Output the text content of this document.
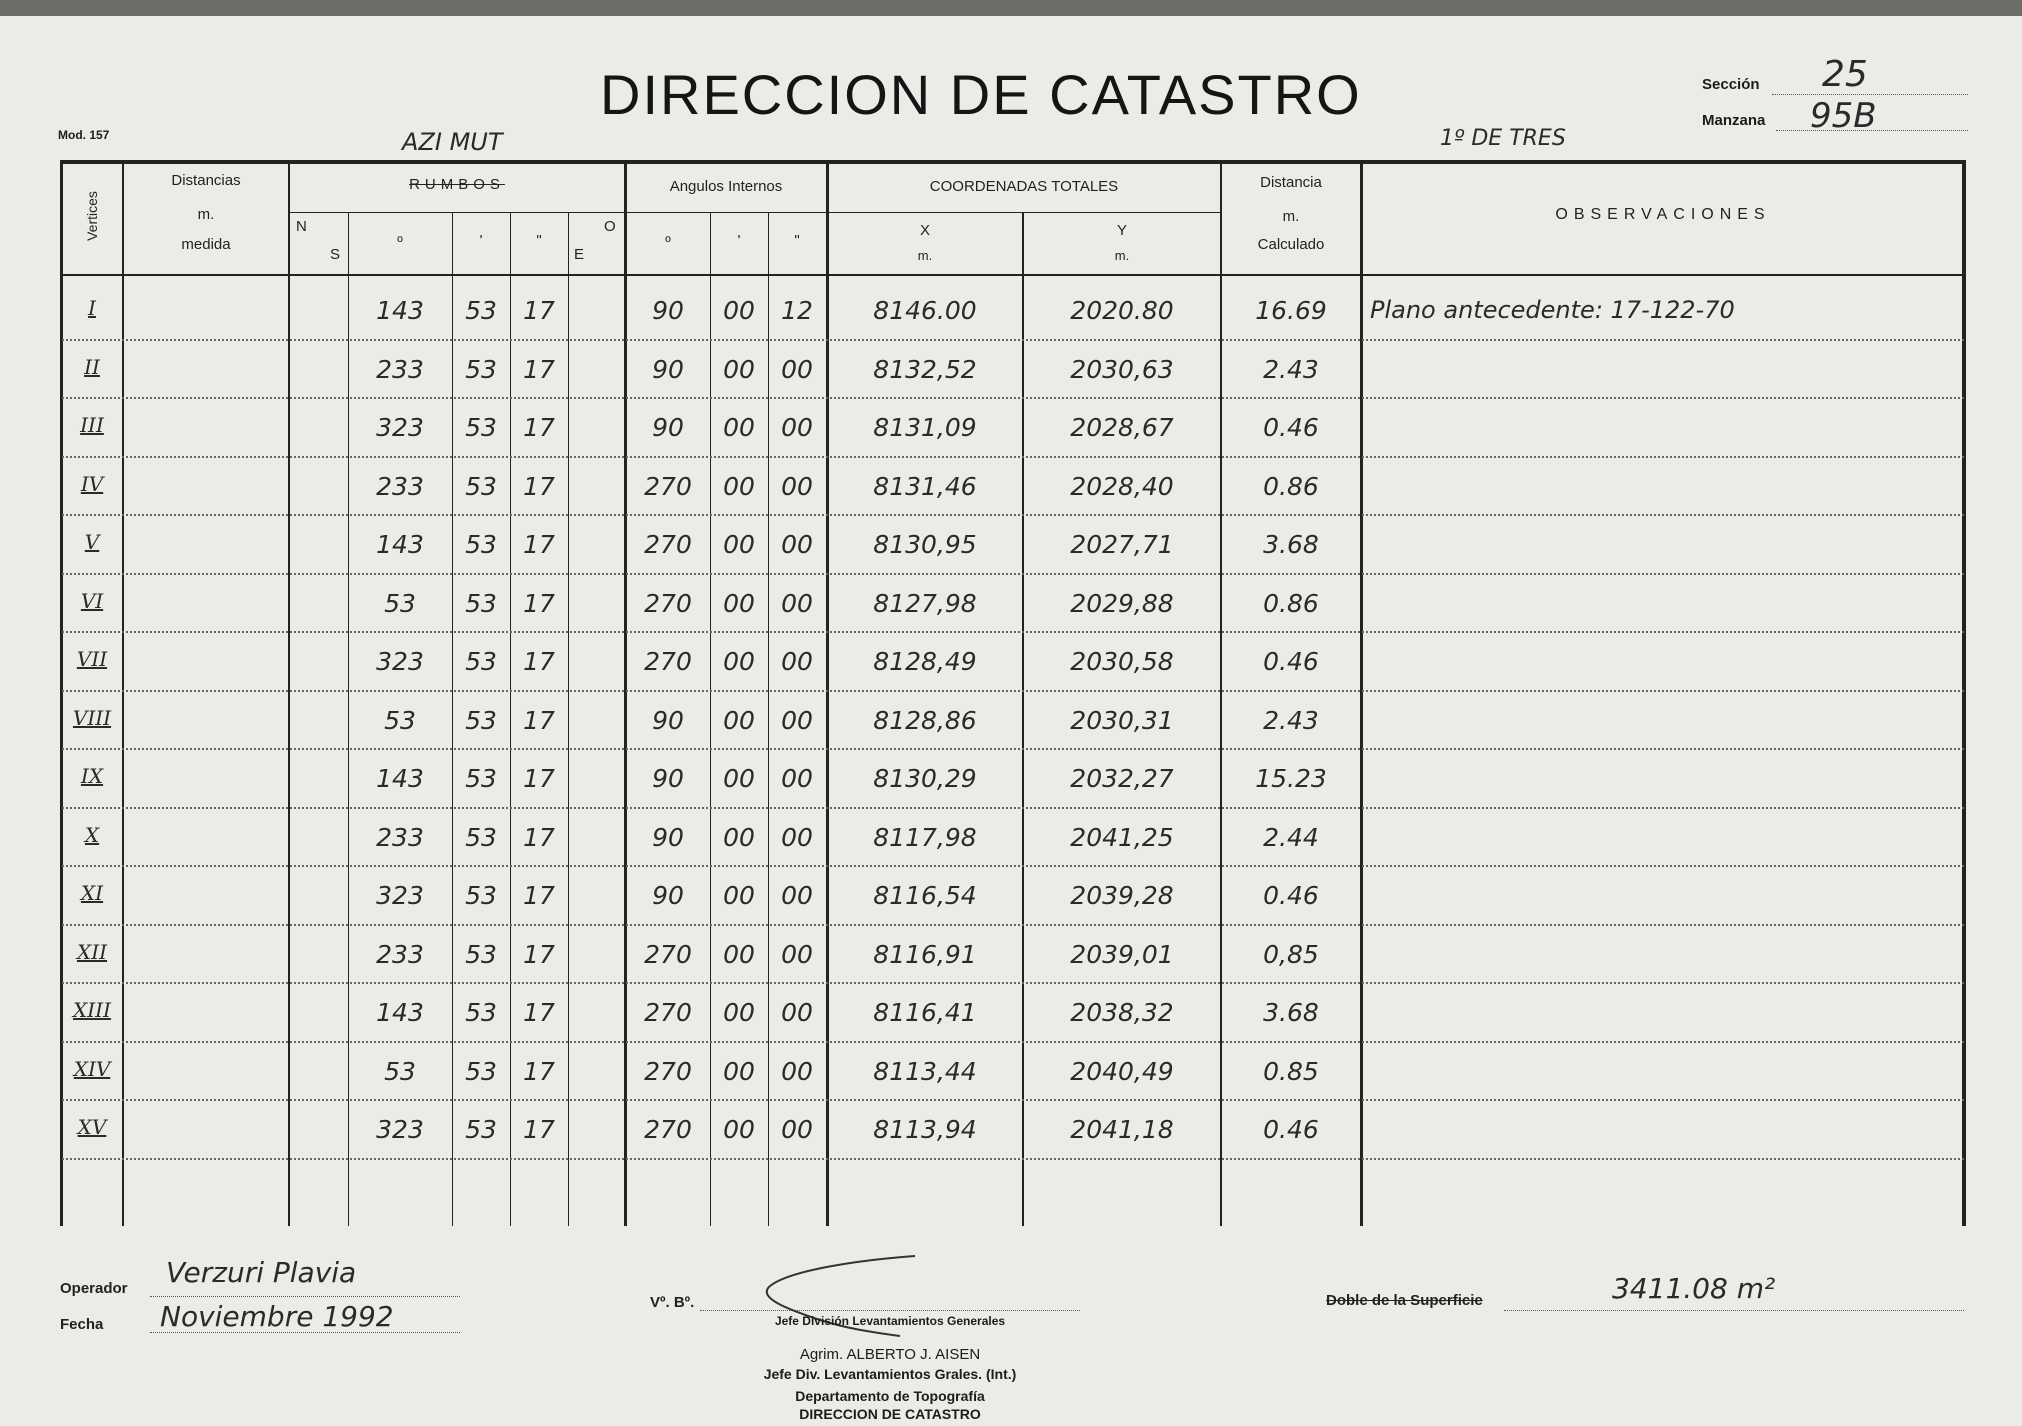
Mod. 157
DIRECCION DE CATASTRO
AZI MUT	1º DE TRES
Sección 25
Manzana 95B
Vertices
Distancias
m.
medida
RUMBOS
N
S
º	'	"
E
O
Angulos Internos
º	'	"
COORDENADAS TOTALES
X
m.
Y
m.
Distancia
m.
Calculado
OBSERVACIONES
I	143	53	17	90	00	12	8146.00	2020.80	16.69	Plano antecedente: 17-122-70
II	233	53	17	90	00	00	8132,52	2030,63	2.43
III	323	53	17	90	00	00	8131,09	2028,67	0.46
IV	233	53	17	270	00	00	8131,46	2028,40	0.86
V	143	53	17	270	00	00	8130,95	2027,71	3.68
VI	53	53	17	270	00	00	8127,98	2029,88	0.86
VII	323	53	17	270	00	00	8128,49	2030,58	0.46
VIII	53	53	17	90	00	00	8128,86	2030,31	2.43
IX	143	53	17	90	00	00	8130,29	2032,27	15.23
X	233	53	17	90	00	00	8117,98	2041,25	2.44
XI	323	53	17	90	00	00	8116,54	2039,28	0.46
XII	233	53	17	270	00	00	8116,91	2039,01	0,85
XIII	143	53	17	270	00	00	8116,41	2038,32	3.68
XIV	53	53	17	270	00	00	8113,44	2040,49	0.85
XV	323	53	17	270	00	00	8113,94	2041,18	0.46
Operador Verzuri Plavia
Fecha Noviembre 1992	Vº. Bº.
Jefe División Levantamientos Generales
Agrim. ALBERTO J. AISEN
Jefe Div. Levantamientos Grales. (Int.)
Departamento de Topografía
DIRECCION DE CATASTRO
Doble de la Superficie	3411.08 m²
